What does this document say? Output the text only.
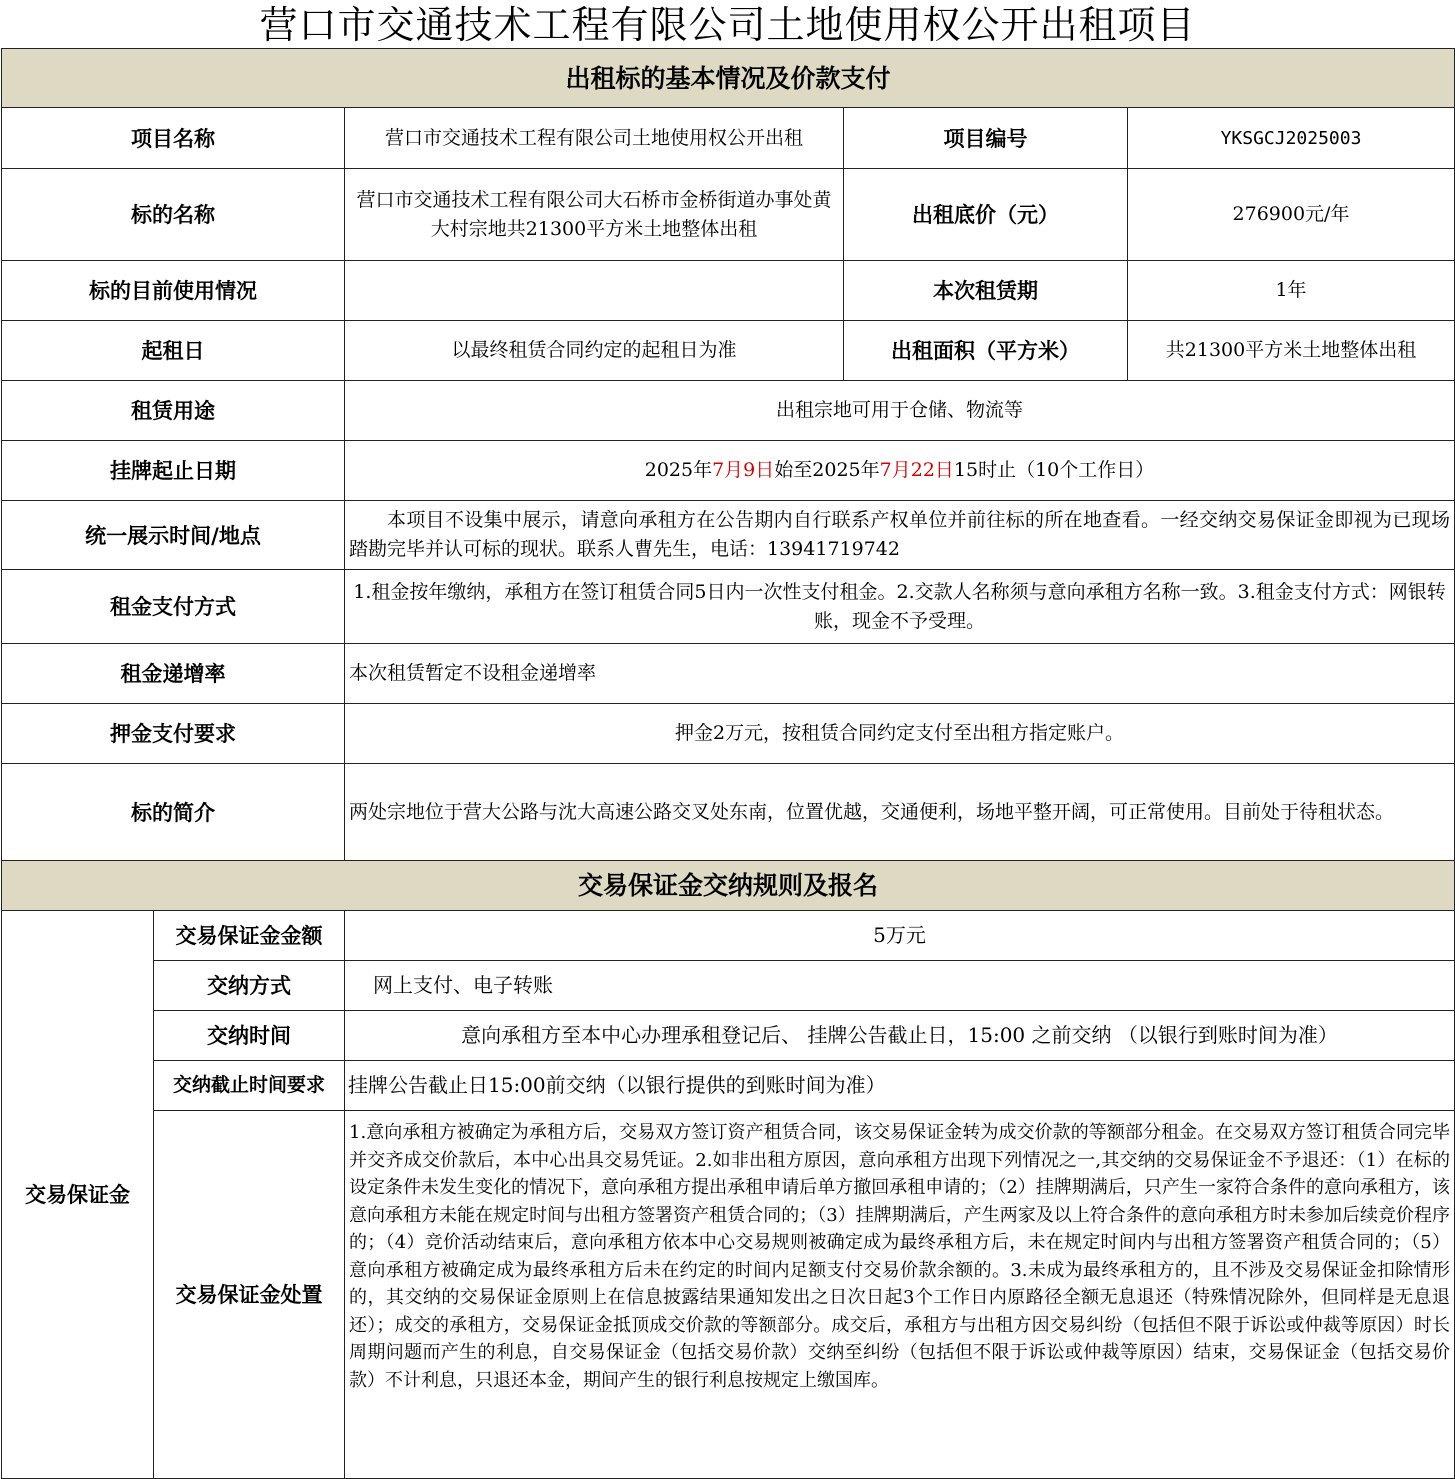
营口市交通技术工程有限公司土地使用权公开出租项目
出租标的基本情况及价款支付			
项目名称	营口市交通技术工程有限公司土地使用权公开出租	项目编号	YKSGCJ2025003
标的名称	营口市交通技术工程有限公司大石桥市金桥街道办事处黄大村宗地共21300平方米土地整体出租	出租底价（元）	276900元/年
标的目前使用情况		本次租赁期	1年
起租日	以最终租赁合同约定的起租日为准	出租面积（平方米）	共21300平方米土地整体出租
租赁用途	出租宗地可用于仓储、物流等		
挂牌起止日期	2025年7月9日始至2025年7月22日15时止（10个工作日）		
统一展示时间/地点	本项目不设集中展示，请意向承租方在公告期内自行联系产权单位并前往标的所在地查看。一经交纳交易保证金即视为已现场踏勘完毕并认可标的现状。联系人曹先生，电话：13941719742		
租金支付方式	1.租金按年缴纳，承租方在签订租赁合同5日内一次性支付租金。2.交款人名称须与意向承租方名称一致。3.租金支付方式：网银转账，现金不予受理。		
租金递增率	本次租赁暂定不设租金递增率		
押金支付要求	押金2万元，按租赁合同约定支付至出租方指定账户。		
标的简介	两处宗地位于营大公路与沈大高速公路交叉处东南，位置优越，交通便利，场地平整开阔，可正常使用。目前处于待租状态。		
交易保证金交纳规则及报名		
交易保证金	交易保证金金额	5万元
	交纳方式	网上支付、电子转账
	交纳时间	意向承租方至本中心办理承租登记后、 挂牌公告截止日，15:00 之前交纳 （以银行到账时间为准）
	交纳截止时间要求	挂牌公告截止日15:00前交纳（以银行提供的到账时间为准）
	交易保证金处置	1.意向承租方被确定为承租方后，交易双方签订资产租赁合同，该交易保证金转为成交价款的等额部分租金。在交易双方签订租赁合同完毕并交齐成交价款后，本中心出具交易凭证。2.如非出租方原因，意向承租方出现下列情况之一,其交纳的交易保证金不予退还：（1）在标的设定条件未发生变化的情况下，意向承租方提出承租申请后单方撤回承租申请的；（2）挂牌期满后，只产生一家符合条件的意向承租方，该意向承租方未能在规定时间与出租方签署资产租赁合同的；（3）挂牌期满后，产生两家及以上符合条件的意向承租方时未参加后续竞价程序的；（4）竞价活动结束后，意向承租方依本中心交易规则被确定成为最终承租方后，未在规定时间内与出租方签署资产租赁合同的；（5）意向承租方被确定成为最终承租方后未在约定的时间内足额支付交易价款余额的。3.未成为最终承租方的，且不涉及交易保证金扣除情形的，其交纳的交易保证金原则上在信息披露结果通知发出之日次日起3个工作日内原路径全额无息退还（特殊情况除外，但同样是无息退还）；成交的承租方，交易保证金抵顶成交价款的等额部分。成交后，承租方与出租方因交易纠纷（包括但不限于诉讼或仲裁等原因）时长周期问题而产生的利息，自交易保证金（包括交易价款）交纳至纠纷（包括但不限于诉讼或仲裁等原因）结束，交易保证金（包括交易价款）不计利息，只退还本金，期间产生的银行利息按规定上缴国库。
